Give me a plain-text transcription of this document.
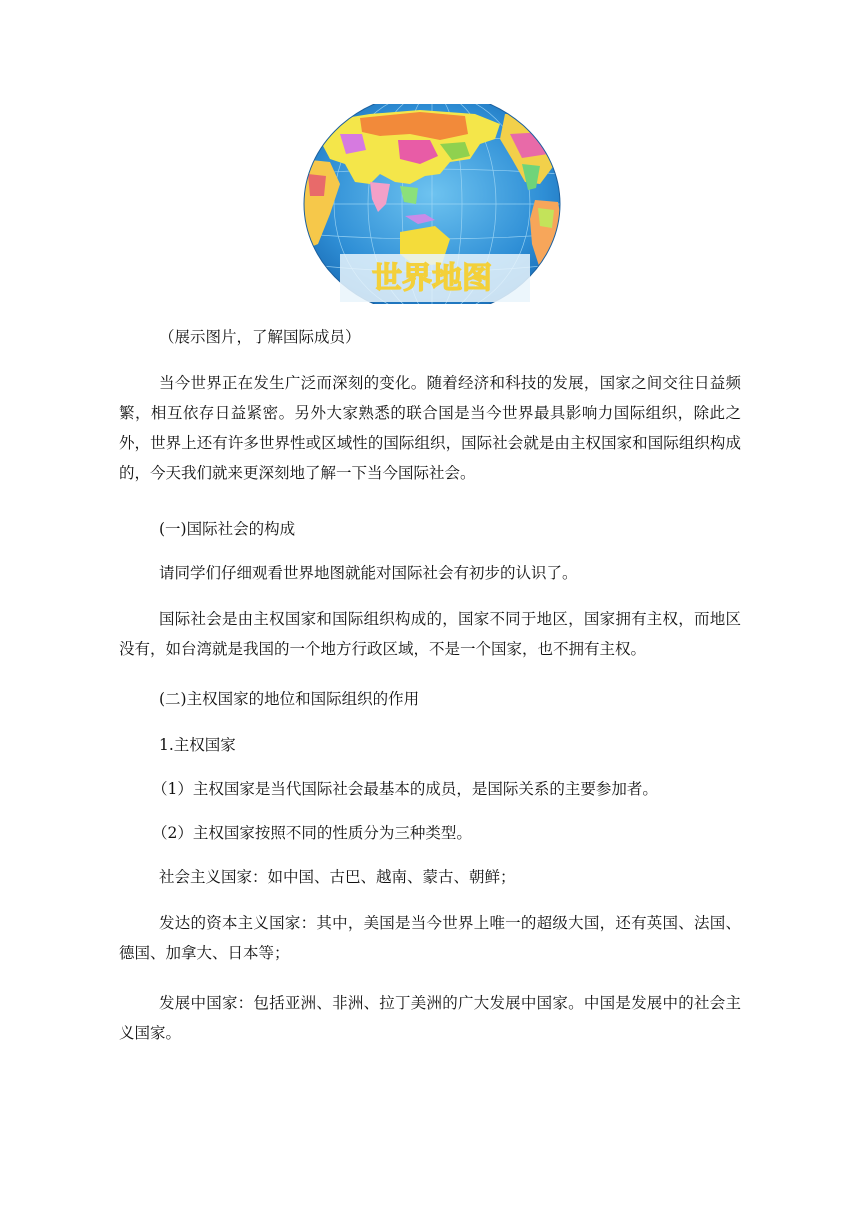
世界地图
（展示图片，了解国际成员）
当今世界正在发生广泛而深刻的变化。随着经济和科技的发展，国家之间交往日益频繁，相互依存日益紧密。另外大家熟悉的联合国是当今世界最具影响力国际组织，除此之外，世界上还有许多世界性或区域性的国际组织，国际社会就是由主权国家和国际组织构成的，今天我们就来更深刻地了解一下当今国际社会。
(一)国际社会的构成
请同学们仔细观看世界地图就能对国际社会有初步的认识了。
国际社会是由主权国家和国际组织构成的，国家不同于地区，国家拥有主权，而地区没有，如台湾就是我国的一个地方行政区域，不是一个国家，也不拥有主权。
(二)主权国家的地位和国际组织的作用
1.主权国家
（1）主权国家是当代国际社会最基本的成员，是国际关系的主要参加者。
（2）主权国家按照不同的性质分为三种类型。
社会主义国家：如中国、古巴、越南、蒙古、朝鲜；
发达的资本主义国家：其中，美国是当今世界上唯一的超级大国，还有英国、法国、德国、加拿大、日本等；
发展中国家：包括亚洲、非洲、拉丁美洲的广大发展中国家。中国是发展中的社会主义国家。
